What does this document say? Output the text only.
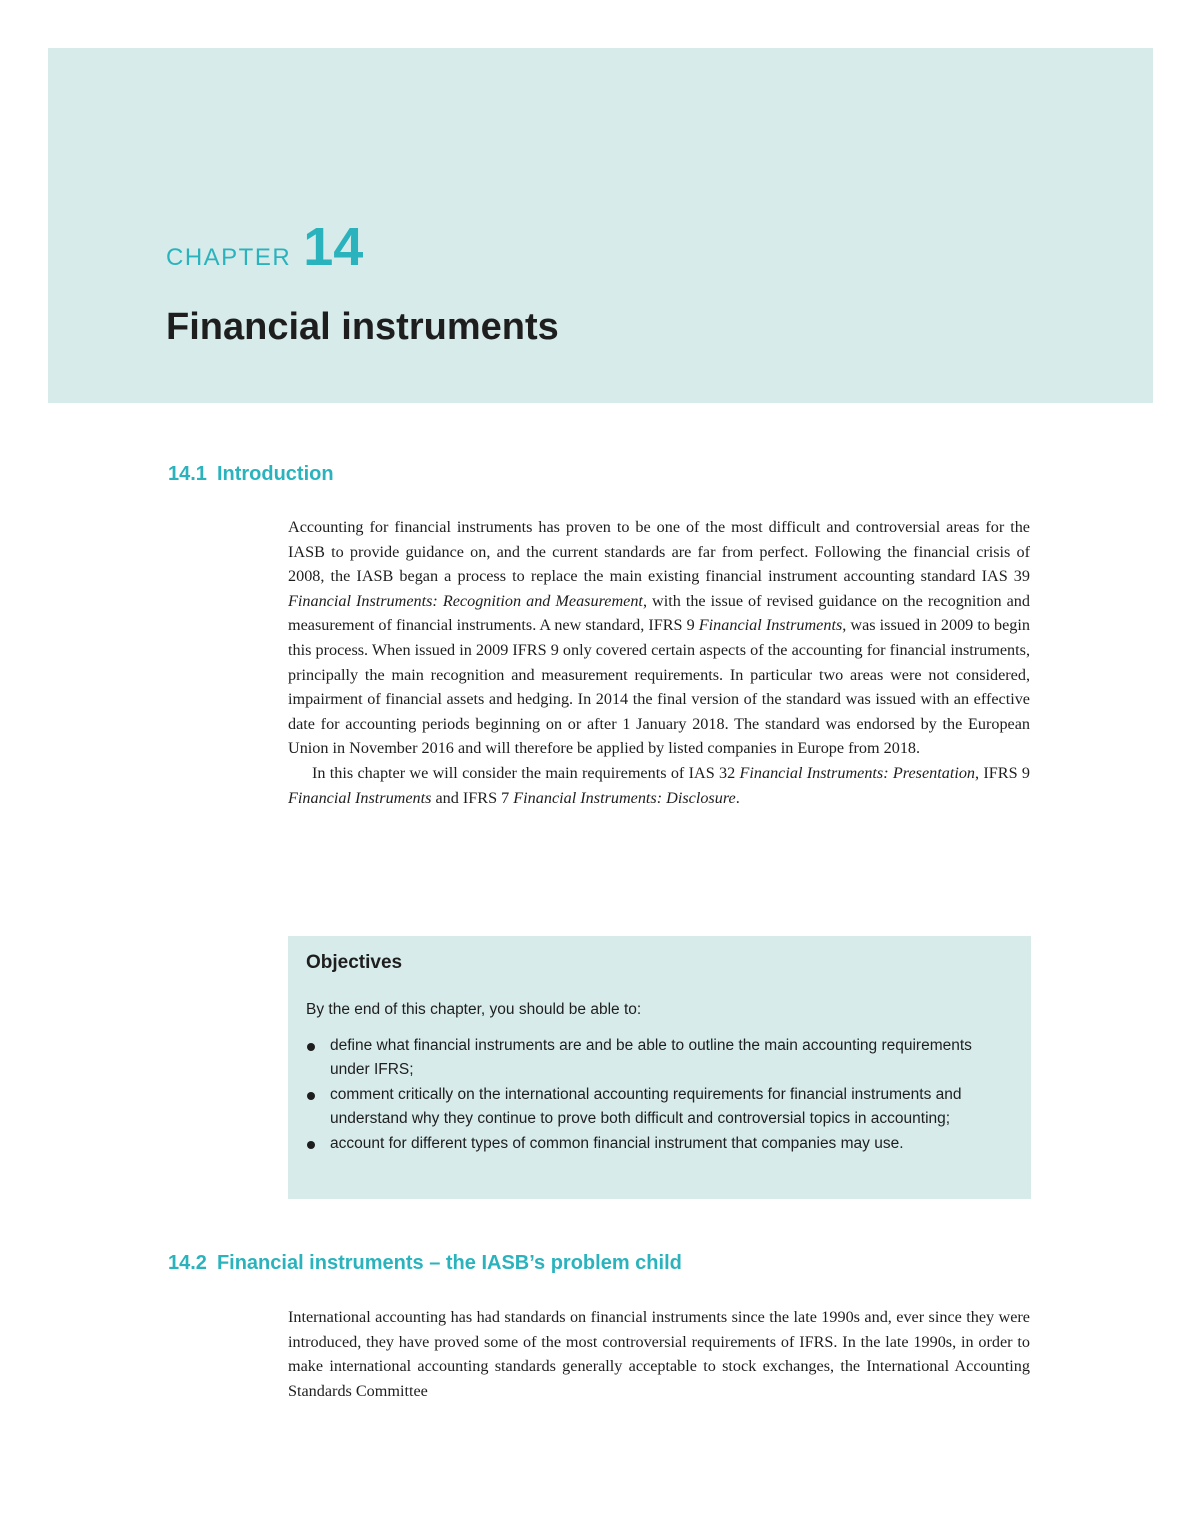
CHAPTER 14
Financial instruments
14.1 Introduction

Accounting for financial instruments has proven to be one of the most difficult and controversial areas for the IASB to provide guidance on, and the current standards are far from perfect. Following the financial crisis of 2008, the IASB began a process to replace the main existing financial instrument accounting standard IAS 39 Financial Instruments: Recognition and Measurement, with the issue of revised guidance on the recognition and measurement of financial instruments. A new standard, IFRS 9 Financial Instruments, was issued in 2009 to begin this process. When issued in 2009 IFRS 9 only covered certain aspects of the accounting for financial instruments, principally the main recognition and measurement requirements. In particular two areas were not considered, impairment of financial assets and hedging. In 2014 the final version of the standard was issued with an effective date for accounting periods beginning on or after 1 January 2018. The standard was endorsed by the European Union in November 2016 and will therefore be applied by listed companies in Europe from 2018.

In this chapter we will consider the main requirements of IAS 32 Financial Instruments: Presentation, IFRS 9 Financial Instruments and IFRS 7 Financial Instruments: Disclosure.

Objectives

By the end of this chapter, you should be able to:

define what financial instruments are and be able to outline the main accounting requirements under IFRS;
comment critically on the international accounting requirements for financial instruments and understand why they continue to prove both difficult and controversial topics in accounting;
account for different types of common financial instrument that companies may use.
14.2 Financial instruments – the IASB’s problem child

International accounting has had standards on financial instruments since the late 1990s and, ever since they were introduced, they have proved some of the most controversial requirements of IFRS. In the late 1990s, in order to make international accounting standards generally acceptable to stock exchanges, the International Accounting Standards Committee
